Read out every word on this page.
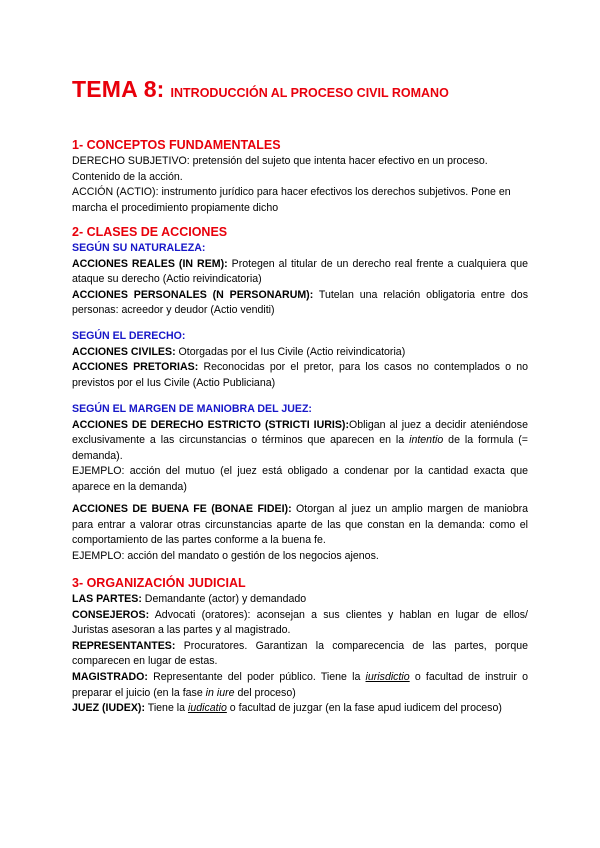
TEMA 8: INTRODUCCIÓN AL PROCESO CIVIL ROMANO
1- CONCEPTOS FUNDAMENTALES

DERECHO SUBJETIVO: pretensión del sujeto que intenta hacer efectivo en un proceso. Contenido de la acción.

ACCIÓN (ACTIO): instrumento jurídico para hacer efectivos los derechos subjetivos. Pone en marcha el procedimiento propiamente dicho

2- CLASES DE ACCIONES
SEGÚN SU NATURALEZA:

ACCIONES REALES (IN REM): Protegen al titular de un derecho real frente a cualquiera que ataque su derecho (Actio reivindicatoria)

ACCIONES PERSONALES (N PERSONARUM): Tutelan una relación obligatoria entre dos personas: acreedor y deudor (Actio venditi)

SEGÚN EL DERECHO:

ACCIONES CIVILES: Otorgadas por el Ius Civile (Actio reivindicatoria)

ACCIONES PRETORIAS: Reconocidas por el pretor, para los casos no contemplados o no previstos por el Ius Civile (Actio Publiciana)

SEGÚN EL MARGEN DE MANIOBRA DEL JUEZ:

ACCIONES DE DERECHO ESTRICTO (STRICTI IURIS):Obligan al juez a decidir ateniéndose exclusivamente a las circunstancias o términos que aparecen en la intentio de la formula (= demanda).

EJEMPLO: acción del mutuo (el juez está obligado a condenar por la cantidad exacta que aparece en la demanda)

ACCIONES DE BUENA FE (BONAE FIDEI): Otorgan al juez un amplio margen de maniobra para entrar a valorar otras circunstancias aparte de las que constan en la demanda: como el comportamiento de las partes conforme a la buena fe.

EJEMPLO: acción del mandato o gestión de los negocios ajenos.

3- ORGANIZACIÓN JUDICIAL

LAS PARTES: Demandante (actor) y demandado

CONSEJEROS: Advocati (oratores): aconsejan a sus clientes y hablan en lugar de ellos/ Juristas asesoran a las partes y al magistrado.

REPRESENTANTES: Procuratores. Garantizan la comparecencia de las partes, porque comparecen en lugar de estas.

MAGISTRADO: Representante del poder público. Tiene la iurisdictio o facultad de instruir o preparar el juicio (en la fase in iure del proceso)

JUEZ (IUDEX): Tiene la iudicatio o facultad de juzgar (en la fase apud iudicem del proceso)
